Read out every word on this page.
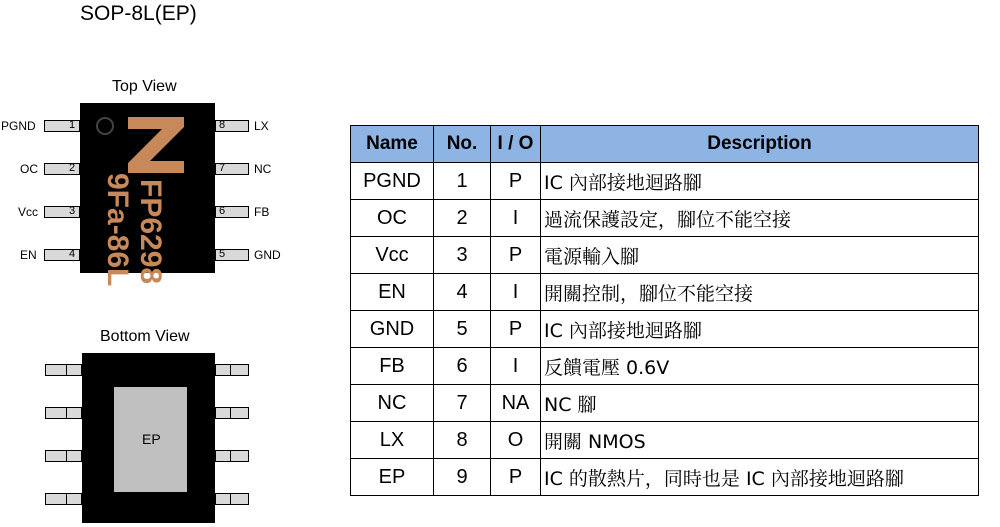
SOP-8L(EP)
Top View
FP6298
9Fa-86L
PGND	1
OC	2
Vcc	3
EN	4
8 LX
7 NC
6 FB
5 GND
Bottom View
EP
Name	No.	I / O	Description
PGND	1	P	IC 內部接地迴路腳
OC	2	I	過流保護設定，腳位不能空接
Vcc	3	P	電源輸入腳
EN	4	I	開關控制，腳位不能空接
GND	5	P	IC 內部接地迴路腳
FB	6	I	反饋電壓 0.6V
NC	7	NA	NC 腳
LX	8	O	開關 NMOS
EP	9	P	IC 的散熱片，同時也是 IC 內部接地迴路腳
